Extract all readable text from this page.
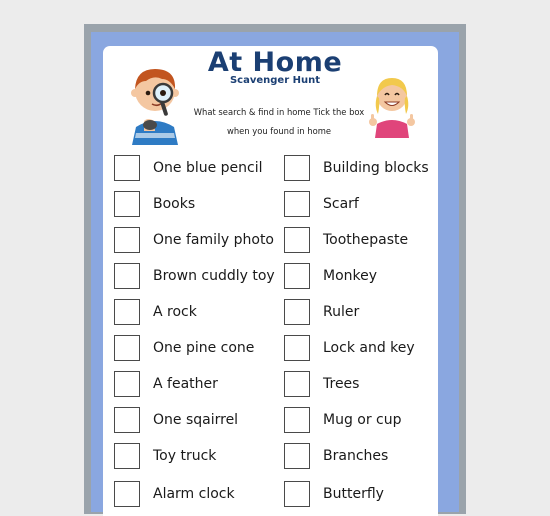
At Home
Scavenger Hunt
What search & find in home Tick the box when you found in home
One blue pencil
Books
One family photo
Brown cuddly toy
A rock
One pine cone
A feather
One sqairrel
Toy truck
Alarm clock
Building blocks
Scarf
Toothepaste
Monkey
Ruler
Lock and key
Trees
Mug or cup
Branches
Butterfly
